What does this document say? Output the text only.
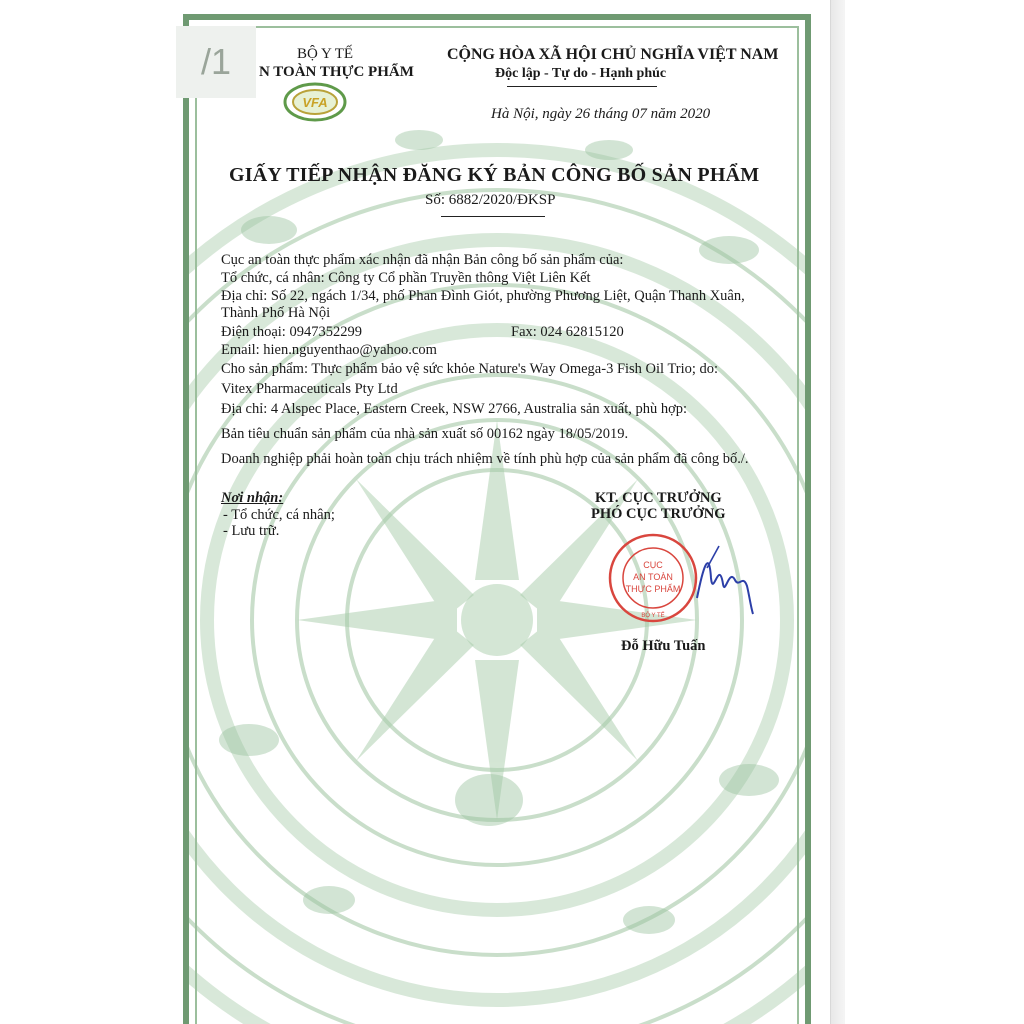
/1	BỘ Y TẾ
N TOÀN THỰC PHẨM
VFA
CỘNG HÒA XÃ HỘI CHỦ NGHĨA VIỆT NAM
Độc lập - Tự do - Hạnh phúc
Hà Nội, ngày 26 tháng 07 năm 2020
GIẤY TIẾP NHẬN ĐĂNG KÝ BẢN CÔNG BỐ SẢN PHẨM
Số: 6882/2020/ĐKSP
Cục an toàn thực phẩm xác nhận đã nhận Bản công bố sản phẩm của:
Tổ chức, cá nhân: Công ty Cổ phần Truyền thông Việt Liên Kết
Địa chỉ: Số 22, ngách 1/34, phố Phan Đình Giót, phường Phương Liệt, Quận Thanh Xuân,
Thành Phố Hà Nội
Điện thoại: 0947352299	Fax: 024 62815120
Email: hien.nguyenthao@yahoo.com
Cho sản phẩm: Thực phẩm bảo vệ sức khỏe Nature's Way Omega-3 Fish Oil Trio; do:
Vitex Pharmaceuticals Pty Ltd
Địa chỉ: 4 Alspec Place, Eastern Creek, NSW 2766, Australia sản xuất, phù hợp:
Bản tiêu chuẩn sản phẩm của nhà sản xuất số 00162 ngày 18/05/2019.
Doanh nghiệp phải hoàn toàn chịu trách nhiệm về tính phù hợp của sản phẩm đã công bố./.
Nơi nhận:
- Tổ chức, cá nhân;
- Lưu trữ.
KT. CỤC TRƯỞNG
PHÓ CỤC TRƯỞNG
CỤC
AN TOÀN
THỰC PHẨM
BỘ Y TẾ
Đỗ Hữu Tuấn
